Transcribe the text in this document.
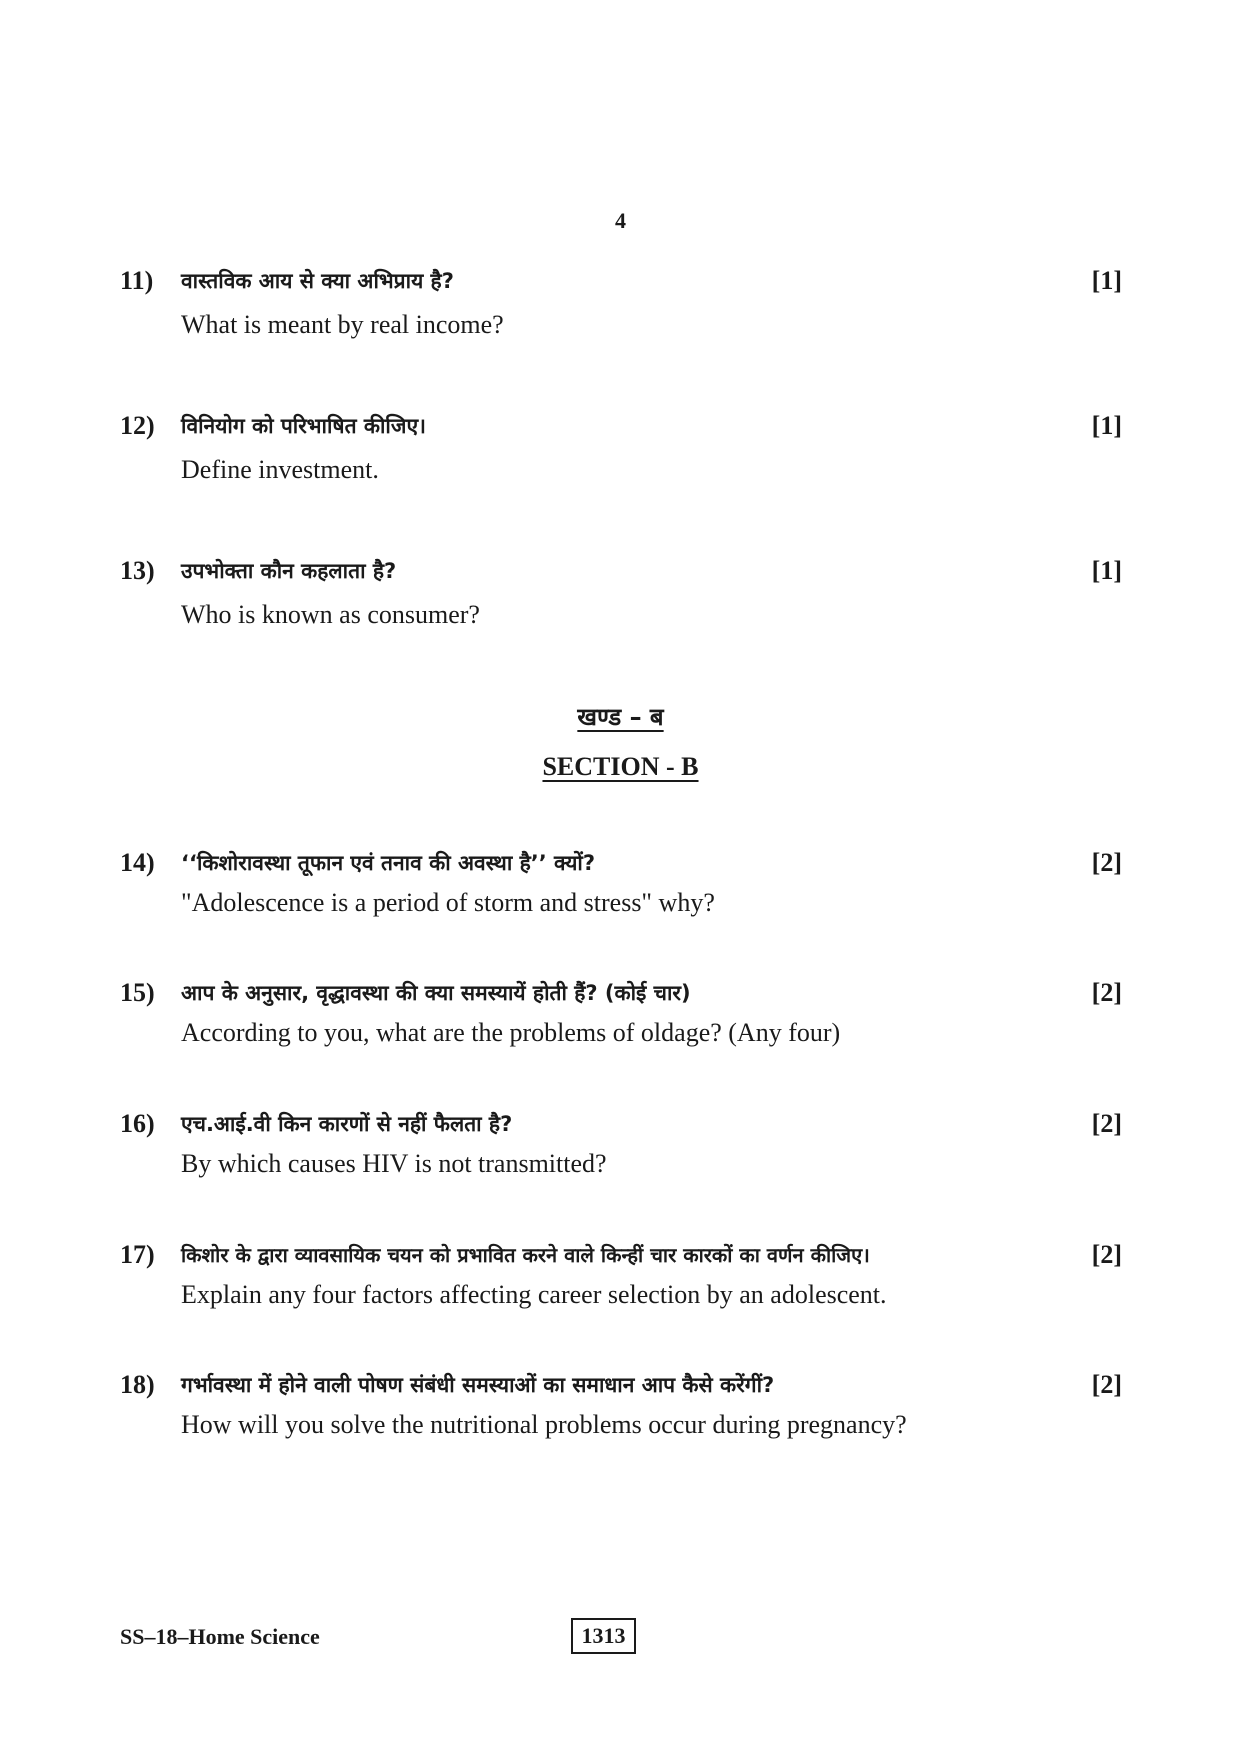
4
11) वास्तविक आय से क्या अभिप्राय है?	[1]
What is meant by real income?
12) विनियोग को परिभाषित कीजिए।	[1]
Define investment.
13) उपभोक्ता कौन कहलाता है?	[1]
Who is known as consumer?
खण्ड – ब
SECTION - B
14) ‘‘किशोरावस्था तूफान एवं तनाव की अवस्था है’’ क्यों?	[2]
"Adolescence is a period of storm and stress" why?
15) आप के अनुसार, वृद्धावस्था की क्या समस्यायें होती हैं? (कोई चार)	[2]
According to you, what are the problems of oldage? (Any four)
16) एच.आई.वी किन कारणों से नहीं फैलता है?	[2]
By which causes HIV is not transmitted?
17) किशोर के द्वारा व्यावसायिक चयन को प्रभावित करने वाले किन्हीं चार कारकों का वर्णन कीजिए।	[2]
Explain any four factors affecting career selection by an adolescent.
18) गर्भावस्था में होने वाली पोषण संबंधी समस्याओं का समाधान आप कैसे करेंगीं?	[2]
How will you solve the nutritional problems occur during pregnancy?
SS–18–Home Science	1313
